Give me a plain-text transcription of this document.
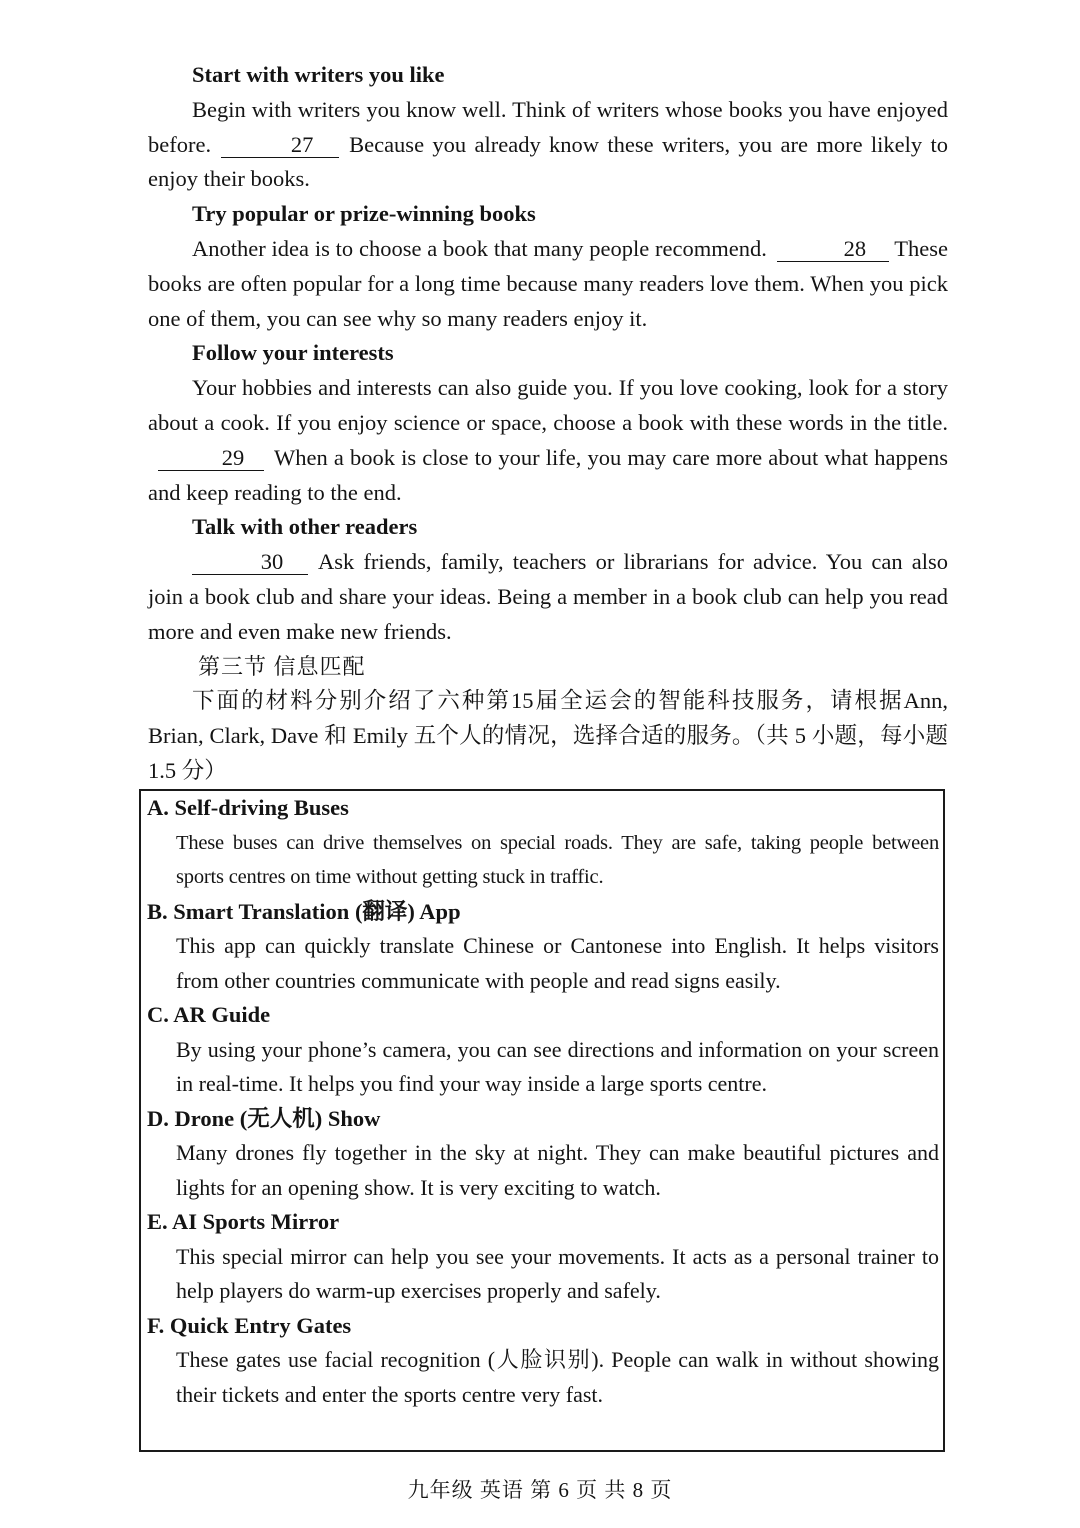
Start with writers you like

Begin with writers you know well. Think of writers whose books you have enjoyed before.	27 Because you already know these writers, you are more likely to enjoy their books.

Try popular or prize-winning books

Another idea is to choose a book that many people recommend.	28 These books are often popular for a long time because many readers love them. When you pick one of them, you can see why so many readers enjoy it.

Follow your interests

Your hobbies and interests can also guide you. If you love cooking, look for a story about a cook. If you enjoy science or space, choose a book with these words in the title.29 When a book is close to your life, you may care more about what happens and keep reading to the end.

Talk with other readers

30 Ask friends, family, teachers or librarians for advice. You can also join a book club and share your ideas. Being a member in a book club can help you read more and even make new friends.

第三节 信息匹配

下面的材料分别介绍了六种第15届全运会的智能科技服务，请根据Ann, Brian, Clark, Dave 和 Emily 五个人的情况，选择合适的服务。（共 5 小题，每小题 1.5 分）

A. Self-driving Buses

These buses can drive themselves on special roads. They are safe, taking people between sports centres on time without getting stuck in traffic.

B. Smart Translation (翻译) App

This app can quickly translate Chinese or Cantonese into English. It helps visitors from other countries communicate with people and read signs easily.

C. AR Guide

By using your phone’s camera, you can see directions and information on your screen in real-time. It helps you find your way inside a large sports centre.

D. Drone (无人机) Show

Many drones fly together in the sky at night. They can make beautiful pictures and lights for an opening show. It is very exciting to watch.

E. AI Sports Mirror

This special mirror can help you see your movements. It acts as a personal trainer to help players do warm-up exercises properly and safely.

F. Quick Entry Gates

These gates use facial recognition (人脸识别). People can walk in without showing their tickets and enter the sports centre very fast.

九年级 英语 第 6 页 共 8 页
